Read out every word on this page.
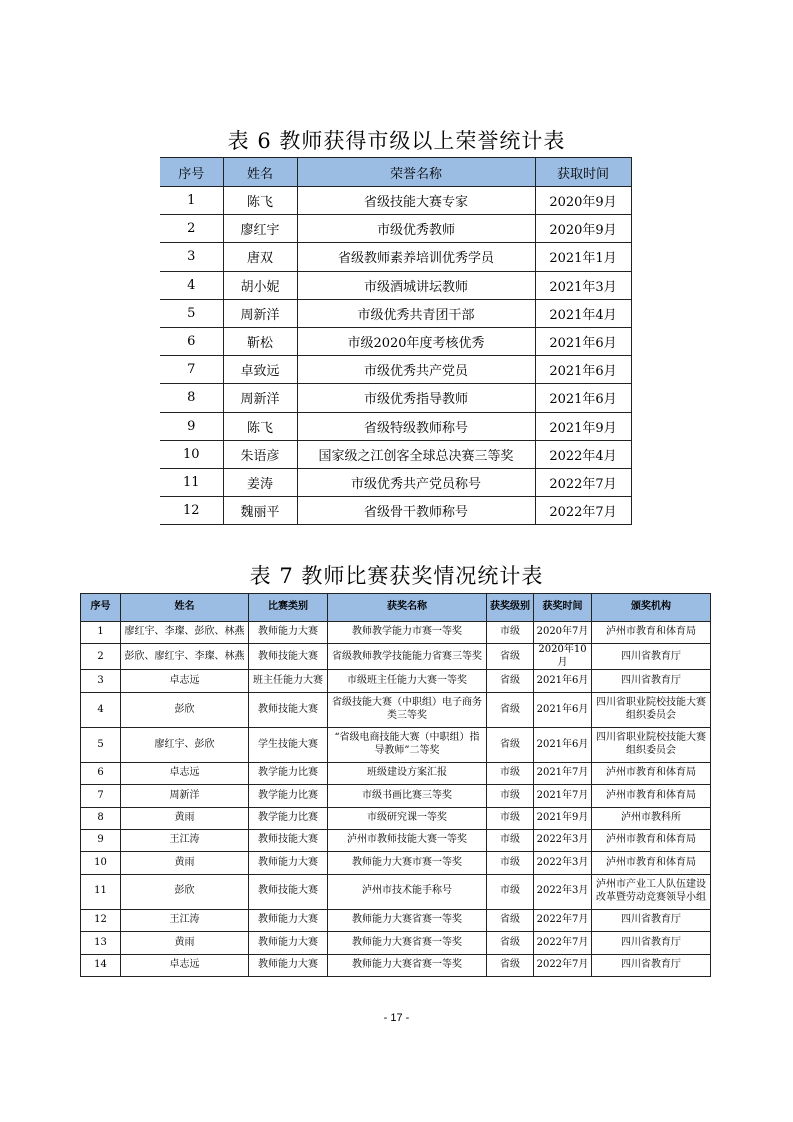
表 6 教师获得市级以上荣誉统计表
序号	姓名	荣誉名称	获取时间
1	陈飞	省级技能大赛专家	2020年9月
2	廖红宇	市级优秀教师	2020年9月
3	唐双	省级教师素养培训优秀学员	2021年1月
4	胡小妮	市级酒城讲坛教师	2021年3月
5	周新洋	市级优秀共青团干部	2021年4月
6	靳松	市级2020年度考核优秀	2021年6月
7	卓致远	市级优秀共产党员	2021年6月
8	周新洋	市级优秀指导教师	2021年6月
9	陈飞	省级特级教师称号	2021年9月
10	朱语彦	国家级之江创客全球总决赛三等奖	2022年4月
11	姜涛	市级优秀共产党员称号	2022年7月
12	魏丽平	省级骨干教师称号	2022年7月
表 7 教师比赛获奖情况统计表
序号	姓名	比赛类别	获奖名称	获奖级别	获奖时间	颁奖机构
1	廖红宇、李璨、彭欣、林燕	教师能力大赛	教师教学能力市赛一等奖	市级	2020年7月	泸州市教育和体育局
2	彭欣、廖红宇、李璨、林燕	教师技能大赛	省级教师教学技能能力省赛三等奖	省级	2020年10月	四川省教育厅
3	卓志远	班主任能力大赛	市级班主任能力大赛一等奖	省级	2021年6月	四川省教育厅
4	彭欣	教师技能大赛	省级技能大赛（中职组）电子商务类三等奖	省级	2021年6月	四川省职业院校技能大赛组织委员会
5	廖红宇、彭欣	学生技能大赛	“省级电商技能大赛（中职组）指导教师”二等奖	省级	2021年6月	四川省职业院校技能大赛组织委员会
6	卓志远	教学能力比赛	班级建设方案汇报	市级	2021年7月	泸州市教育和体育局
7	周新洋	教学能力比赛	市级书画比赛三等奖	市级	2021年7月	泸州市教育和体育局
8	黄雨	教学能力比赛	市级研究课一等奖	市级	2021年9月	泸州市教科所
9	王江涛	教师技能大赛	泸州市教师技能大赛一等奖	市级	2022年3月	泸州市教育和体育局
10	黄雨	教师能力大赛	教师能力大赛市赛一等奖	市级	2022年3月	泸州市教育和体育局
11	彭欣	教师技能大赛	泸州市技术能手称号	市级	2022年3月	泸州市产业工人队伍建设改革暨劳动竞赛领导小组
12	王江涛	教师能力大赛	教师能力大赛省赛一等奖	省级	2022年7月	四川省教育厅
13	黄雨	教师能力大赛	教师能力大赛省赛一等奖	省级	2022年7月	四川省教育厅
14	卓志远	教师能力大赛	教师能力大赛省赛一等奖	省级	2022年7月	四川省教育厅
- 17 -
